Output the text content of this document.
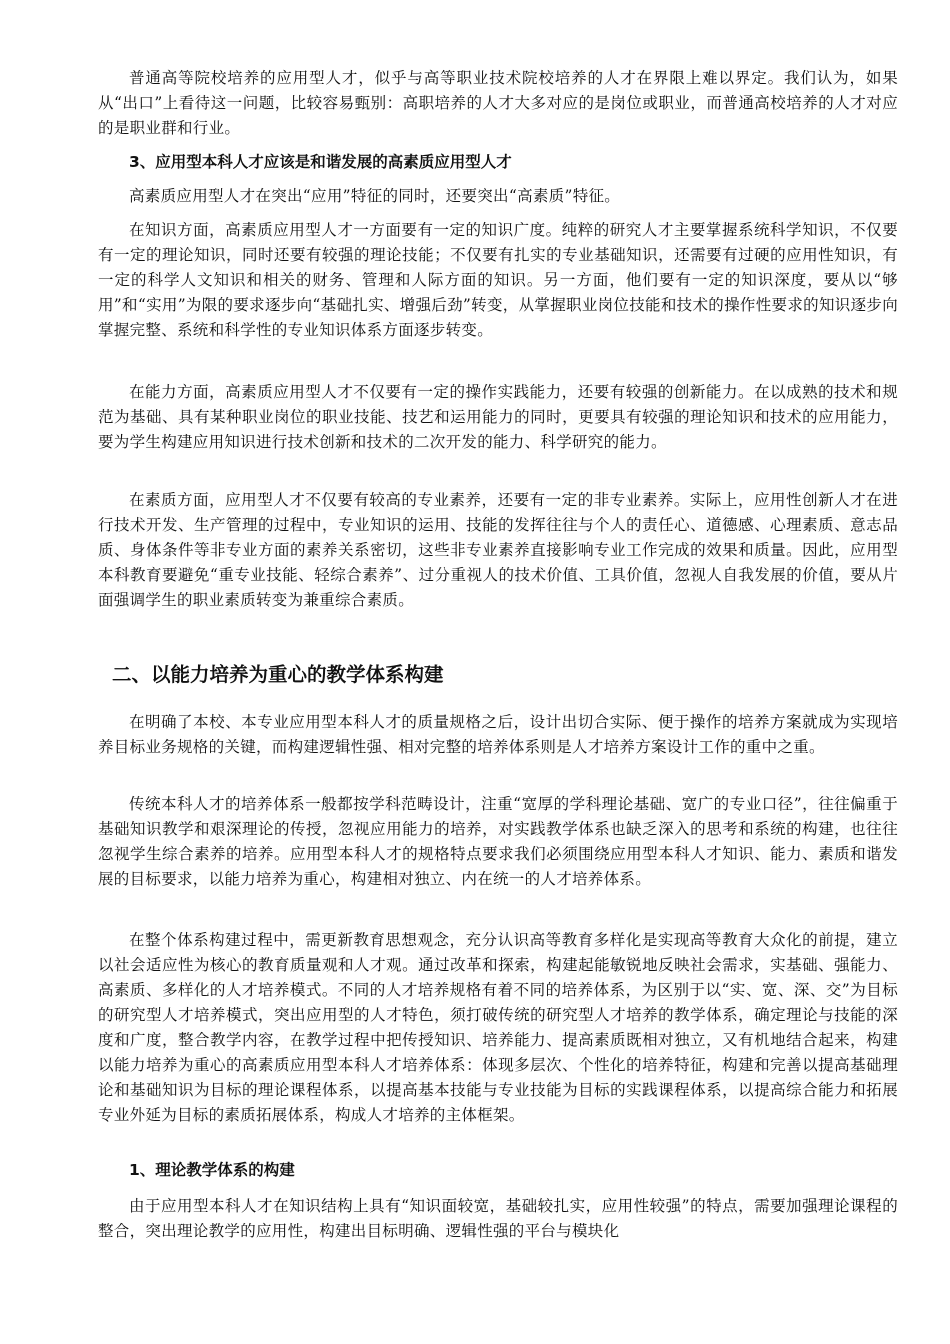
普通高等院校培养的应用型人才，似乎与高等职业技术院校培养的人才在界限上难以界定。我们认为，如果从“出口”上看待这一问题，比较容易甄别：高职培养的人才大多对应的是岗位或职业，而普通高校培养的人才对应的是职业群和行业。

3、应用型本科人才应该是和谐发展的高素质应用型人才

高素质应用型人才在突出“应用”特征的同时，还要突出“高素质”特征。

在知识方面，高素质应用型人才一方面要有一定的知识广度。纯粹的研究人才主要掌握系统科学知识，不仅要有一定的理论知识，同时还要有较强的理论技能；不仅要有扎实的专业基础知识，还需要有过硬的应用性知识，有一定的科学人文知识和相关的财务、管理和人际方面的知识。另一方面，他们要有一定的知识深度，要从以“够用”和“实用”为限的要求逐步向“基础扎实、增强后劲”转变，从掌握职业岗位技能和技术的操作性要求的知识逐步向掌握完整、系统和科学性的专业知识体系方面逐步转变。

在能力方面，高素质应用型人才不仅要有一定的操作实践能力，还要有较强的创新能力。在以成熟的技术和规范为基础、具有某种职业岗位的职业技能、技艺和运用能力的同时，更要具有较强的理论知识和技术的应用能力，要为学生构建应用知识进行技术创新和技术的二次开发的能力、科学研究的能力。

在素质方面，应用型人才不仅要有较高的专业素养，还要有一定的非专业素养。实际上，应用性创新人才在进行技术开发、生产管理的过程中，专业知识的运用、技能的发挥往往与个人的责任心、道德感、心理素质、意志品质、身体条件等非专业方面的素养关系密切，这些非专业素养直接影响专业工作完成的效果和质量。因此，应用型本科教育要避免“重专业技能、轻综合素养”、过分重视人的技术价值、工具价值，忽视人自我发展的价值，要从片面强调学生的职业素质转变为兼重综合素质。

二、以能力培养为重心的教学体系构建

在明确了本校、本专业应用型本科人才的质量规格之后，设计出切合实际、便于操作的培养方案就成为实现培养目标业务规格的关键，而构建逻辑性强、相对完整的培养体系则是人才培养方案设计工作的重中之重。

传统本科人才的培养体系一般都按学科范畴设计，注重“宽厚的学科理论基础、宽广的专业口径”，往往偏重于基础知识教学和艰深理论的传授，忽视应用能力的培养，对实践教学体系也缺乏深入的思考和系统的构建，也往往忽视学生综合素养的培养。应用型本科人才的规格特点要求我们必须围绕应用型本科人才知识、能力、素质和谐发展的目标要求，以能力培养为重心，构建相对独立、内在统一的人才培养体系。

在整个体系构建过程中，需更新教育思想观念，充分认识高等教育多样化是实现高等教育大众化的前提，建立以社会适应性为核心的教育质量观和人才观。通过改革和探索，构建起能敏锐地反映社会需求，实基础、强能力、高素质、多样化的人才培养模式。不同的人才培养规格有着不同的培养体系，为区别于以“实、宽、深、交”为目标的研究型人才培养模式，突出应用型的人才特色，须打破传统的研究型人才培养的教学体系，确定理论与技能的深度和广度，整合教学内容，在教学过程中把传授知识、培养能力、提高素质既相对独立，又有机地结合起来，构建以能力培养为重心的高素质应用型本科人才培养体系：体现多层次、个性化的培养特征，构建和完善以提高基础理论和基础知识为目标的理论课程体系，以提高基本技能与专业技能为目标的实践课程体系，以提高综合能力和拓展专业外延为目标的素质拓展体系，构成人才培养的主体框架。

1、理论教学体系的构建

由于应用型本科人才在知识结构上具有“知识面较宽，基础较扎实，应用性较强”的特点，需要加强理论课程的整合，突出理论教学的应用性，构建出目标明确、逻辑性强的平台与模块化
